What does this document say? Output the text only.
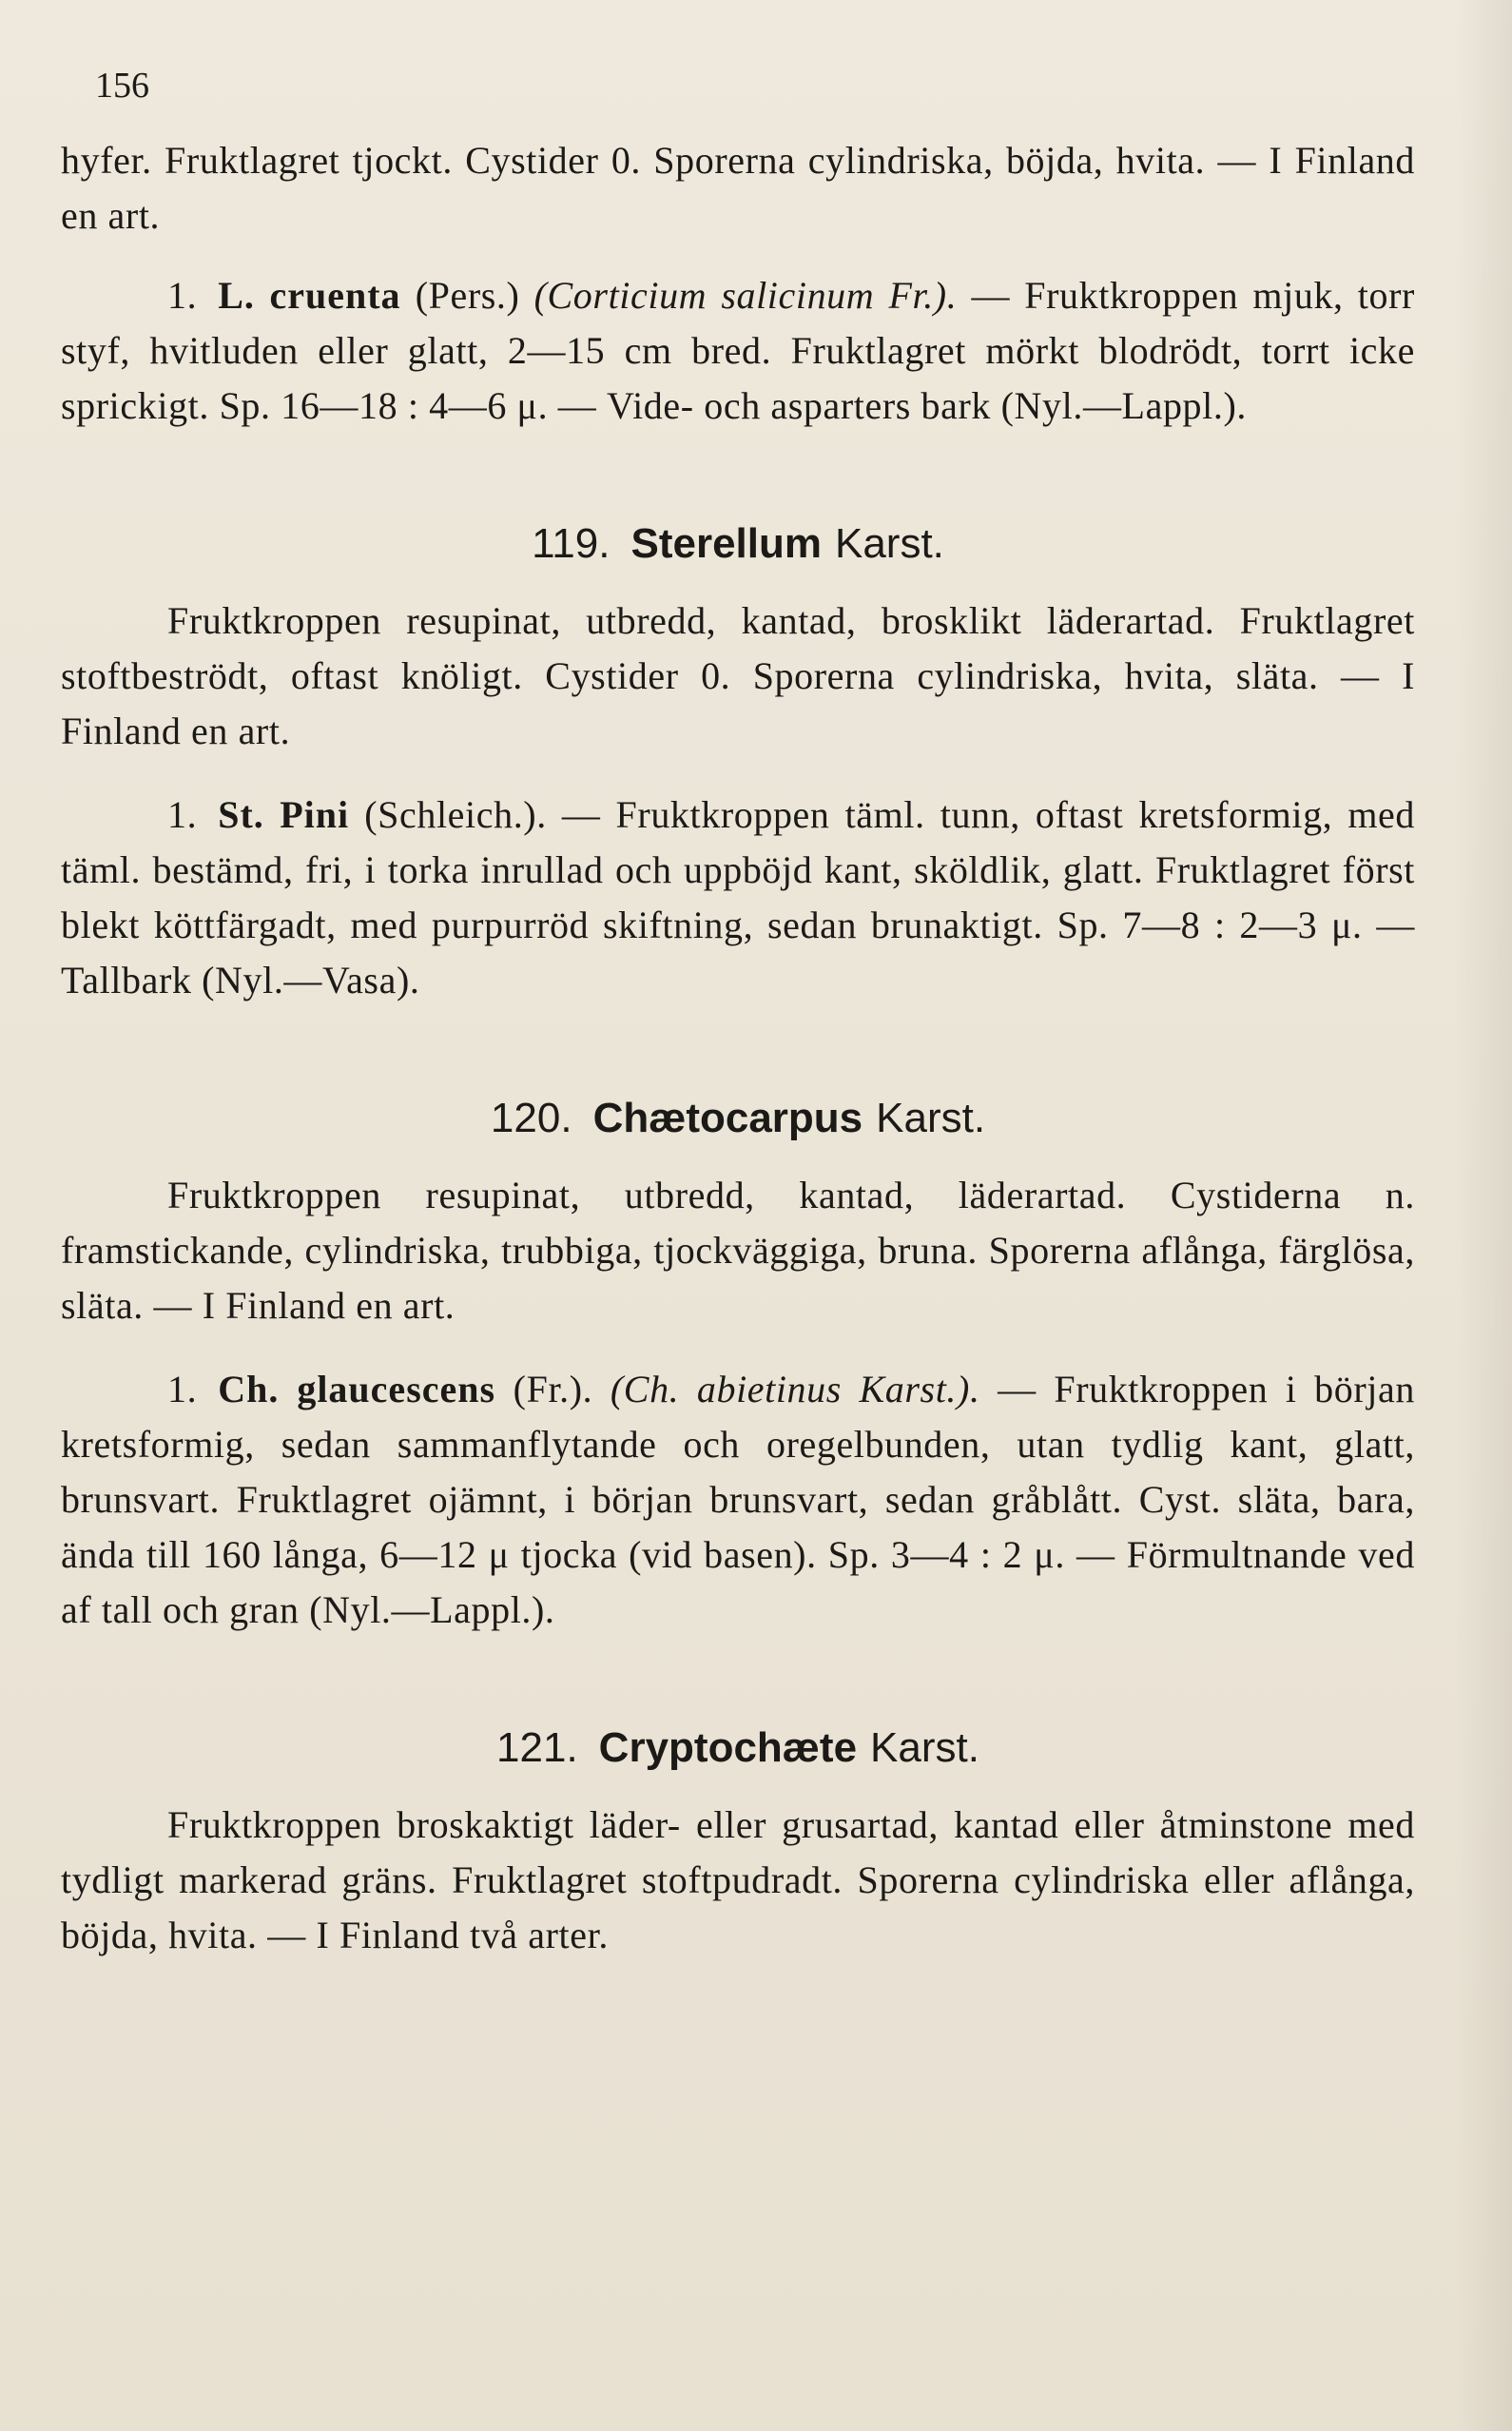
156

hyfer. Fruktlagret tjockt. Cystider 0. Sporerna cylindriska, böjda, hvita. — I Finland en art.

1. L. cruenta (Pers.) (Corticium salicinum Fr.). — Fruktkroppen mjuk, torr styf, hvitluden eller glatt, 2—15 cm bred. Fruktlagret mörkt blodrödt, torrt icke sprickigt. Sp. 16—18 : 4—6 μ. — Vide- och asparters bark (Nyl.—Lappl.).

119. Sterellum Karst.

Fruktkroppen resupinat, utbredd, kantad, brosklikt läderartad. Fruktlagret stoftbeströdt, oftast knöligt. Cystider 0. Sporerna cylindriska, hvita, släta. — I Finland en art.

1. St. Pini (Schleich.). — Fruktkroppen täml. tunn, oftast kretsformig, med täml. bestämd, fri, i torka inrullad och uppböjd kant, sköldlik, glatt. Fruktlagret först blekt köttfärgadt, med purpurröd skiftning, sedan brunaktigt. Sp. 7—8 : 2—3 μ. — Tallbark (Nyl.—Vasa).

120. Chætocarpus Karst.

Fruktkroppen resupinat, utbredd, kantad, läderartad. Cystiderna n. framstickande, cylindriska, trubbiga, tjockväggiga, bruna. Sporerna aflånga, färglösa, släta. — I Finland en art.

1. Ch. glaucescens (Fr.). (Ch. abietinus Karst.). — Fruktkroppen i början kretsformig, sedan sammanflytande och oregelbunden, utan tydlig kant, glatt, brunsvart. Fruktlagret ojämnt, i början brunsvart, sedan gråblått. Cyst. släta, bara, ända till 160 långa, 6—12 μ tjocka (vid basen). Sp. 3—4 : 2 μ. — Förmultnande ved af tall och gran (Nyl.—Lappl.).

121. Cryptochæte Karst.

Fruktkroppen broskaktigt läder- eller grusartad, kantad eller åtminstone med tydligt markerad gräns. Fruktlagret stoftpudradt. Sporerna cylindriska eller aflånga, böjda, hvita. — I Finland två arter.
